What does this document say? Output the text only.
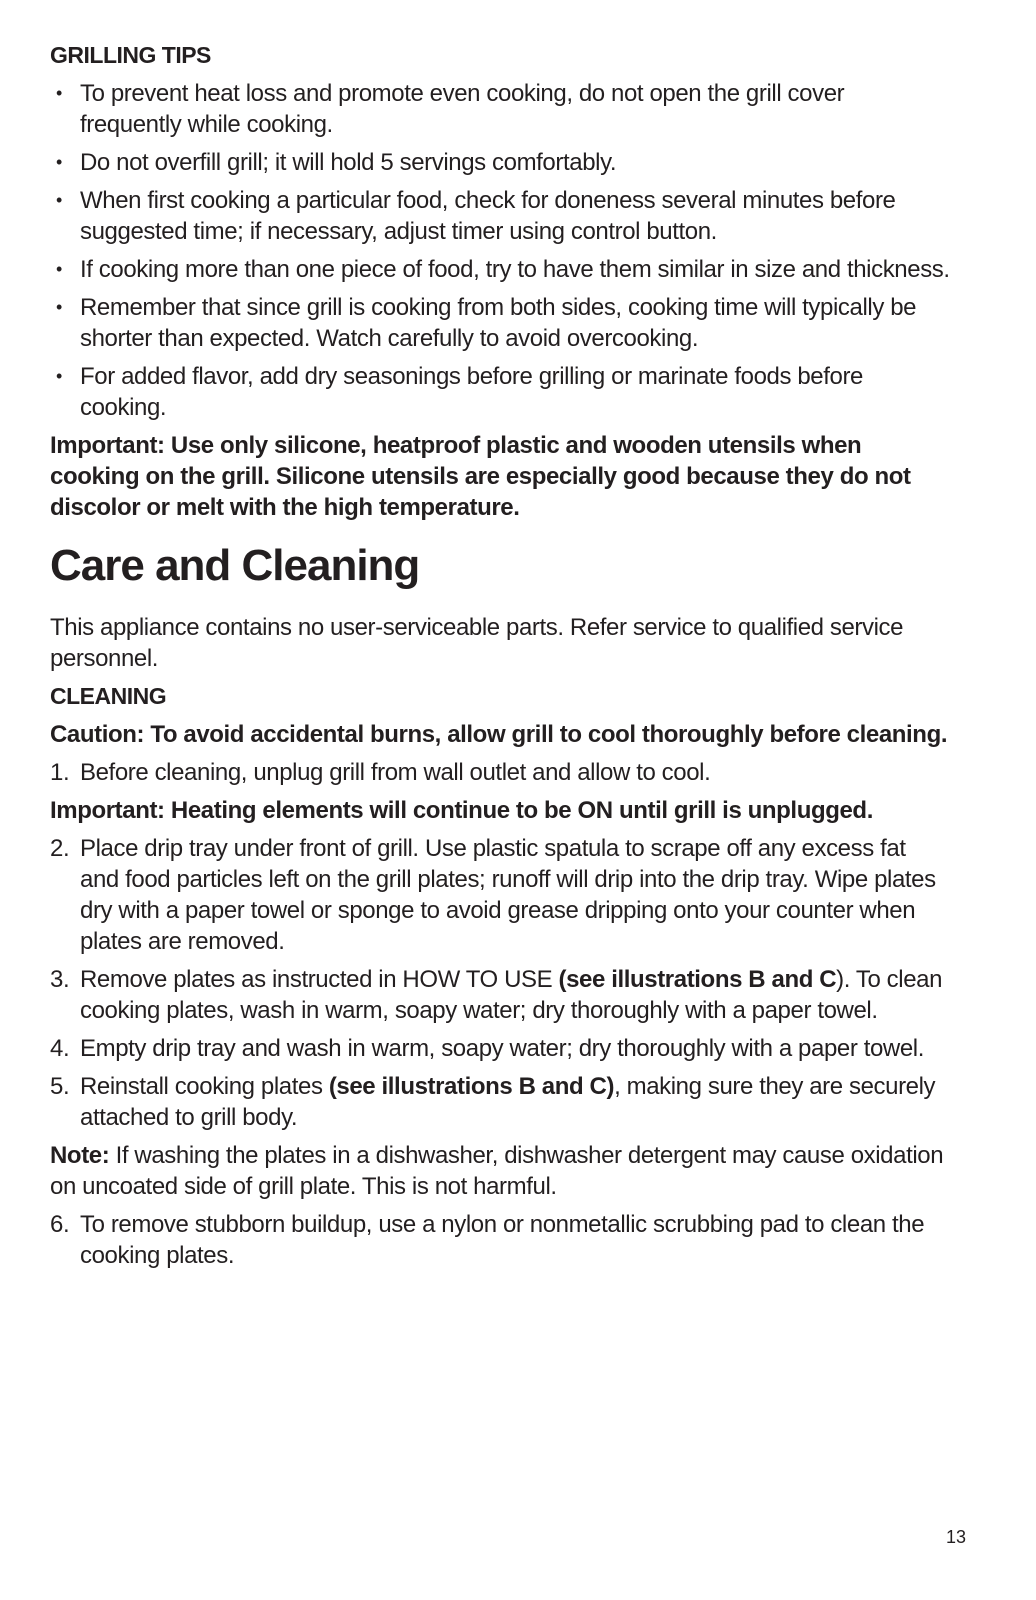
GRILLING TIPS
• To prevent heat loss and promote even cooking, do not open the grill cover frequently while cooking.
• Do not overfill grill; it will hold 5 servings comfortably.
• When first cooking a particular food, check for doneness several minutes before suggested time; if necessary, adjust timer using control button.
• If cooking more than one piece of food, try to have them similar in size and thickness.
• Remember that since grill is cooking from both sides, cooking time will typically be shorter than expected. Watch carefully to avoid overcooking.
• For added flavor, add dry seasonings before grilling or marinate foods before cooking.

Important: Use only silicone, heatproof plastic and wooden utensils when cooking on the grill. Silicone utensils are especially good because they do not discolor or melt with the high temperature.

Care and Cleaning

This appliance contains no user-serviceable parts. Refer service to qualified service personnel.

CLEANING

Caution: To avoid accidental burns, allow grill to cool thoroughly before cleaning.

1. Before cleaning, unplug grill from wall outlet and allow to cool.

Important: Heating elements will continue to be ON until grill is unplugged.

2. Place drip tray under front of grill. Use plastic spatula to scrape off any excess fat and food particles left on the grill plates; runoff will drip into the drip tray. Wipe plates dry with a paper towel or sponge to avoid grease dripping onto your counter when plates are removed.
3. Remove plates as instructed in HOW TO USE (see illustrations B and C). To clean cooking plates, wash in warm, soapy water; dry thoroughly with a paper towel.
4. Empty drip tray and wash in warm, soapy water; dry thoroughly with a paper towel.
5. Reinstall cooking plates (see illustrations B and C), making sure they are securely attached to grill body.

Note: If washing the plates in a dishwasher, dishwasher detergent may cause oxidation on uncoated side of grill plate. This is not harmful.

6. To remove stubborn buildup, use a nylon or nonmetallic scrubbing pad to clean the cooking plates.
13
